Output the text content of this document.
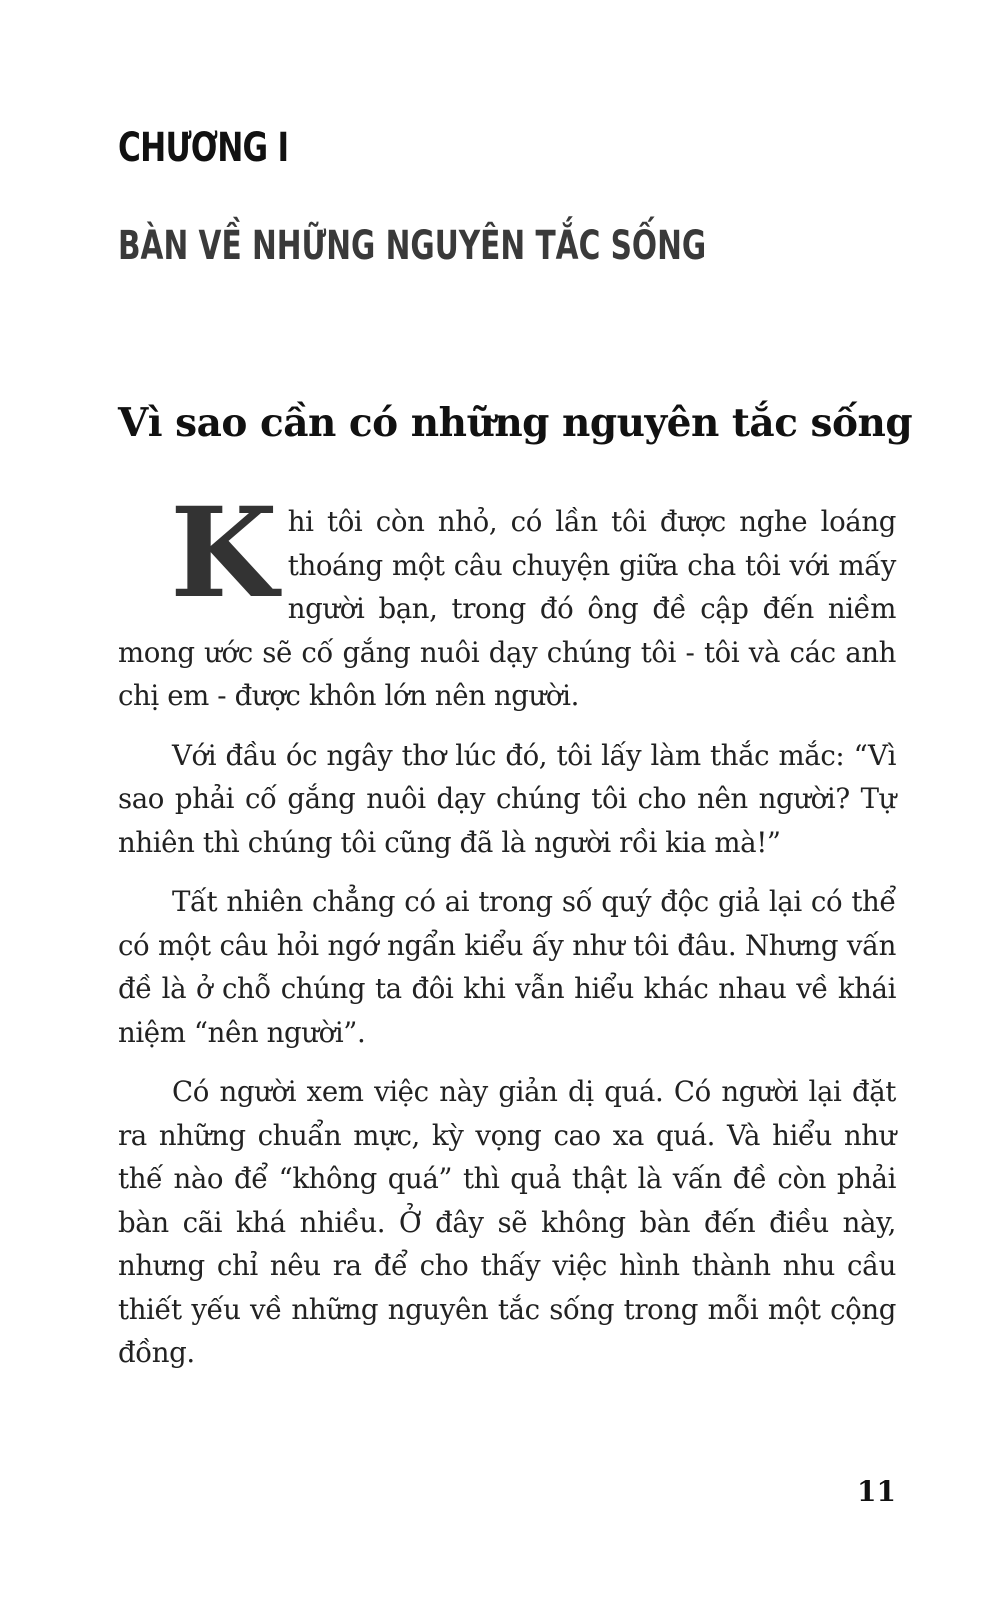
CHƯƠNG I
BÀN VỀ NHỮNG NGUYÊN TẮC SỐNG
Vì sao cần có những nguyên tắc sống

Khi tôi còn nhỏ, có lần tôi được nghe loáng thoáng một câu chuyện giữa cha tôi với mấy người bạn, trong đó ông đề cập đến niềm mong ước sẽ cố gắng nuôi dạy chúng tôi - tôi và các anh chị em - được khôn lớn nên người.

Với đầu óc ngây thơ lúc đó, tôi lấy làm thắc mắc: “Vì sao phải cố gắng nuôi dạy chúng tôi cho nên người? Tự nhiên thì chúng tôi cũng đã là người rồi kia mà!”

Tất nhiên chẳng có ai trong số quý độc giả lại có thể có một câu hỏi ngớ ngẩn kiểu ấy như tôi đâu. Nhưng vấn đề là ở chỗ chúng ta đôi khi vẫn hiểu khác nhau về khái niệm “nên người”.

Có người xem việc này giản dị quá. Có người lại đặt ra những chuẩn mực, kỳ vọng cao xa quá. Và hiểu như thế nào để “không quá” thì quả thật là vấn đề còn phải bàn cãi khá nhiều. Ở đây sẽ không bàn đến điều này, nhưng chỉ nêu ra để cho thấy việc hình thành nhu cầu thiết yếu về những nguyên tắc sống trong mỗi một cộng đồng.

11
